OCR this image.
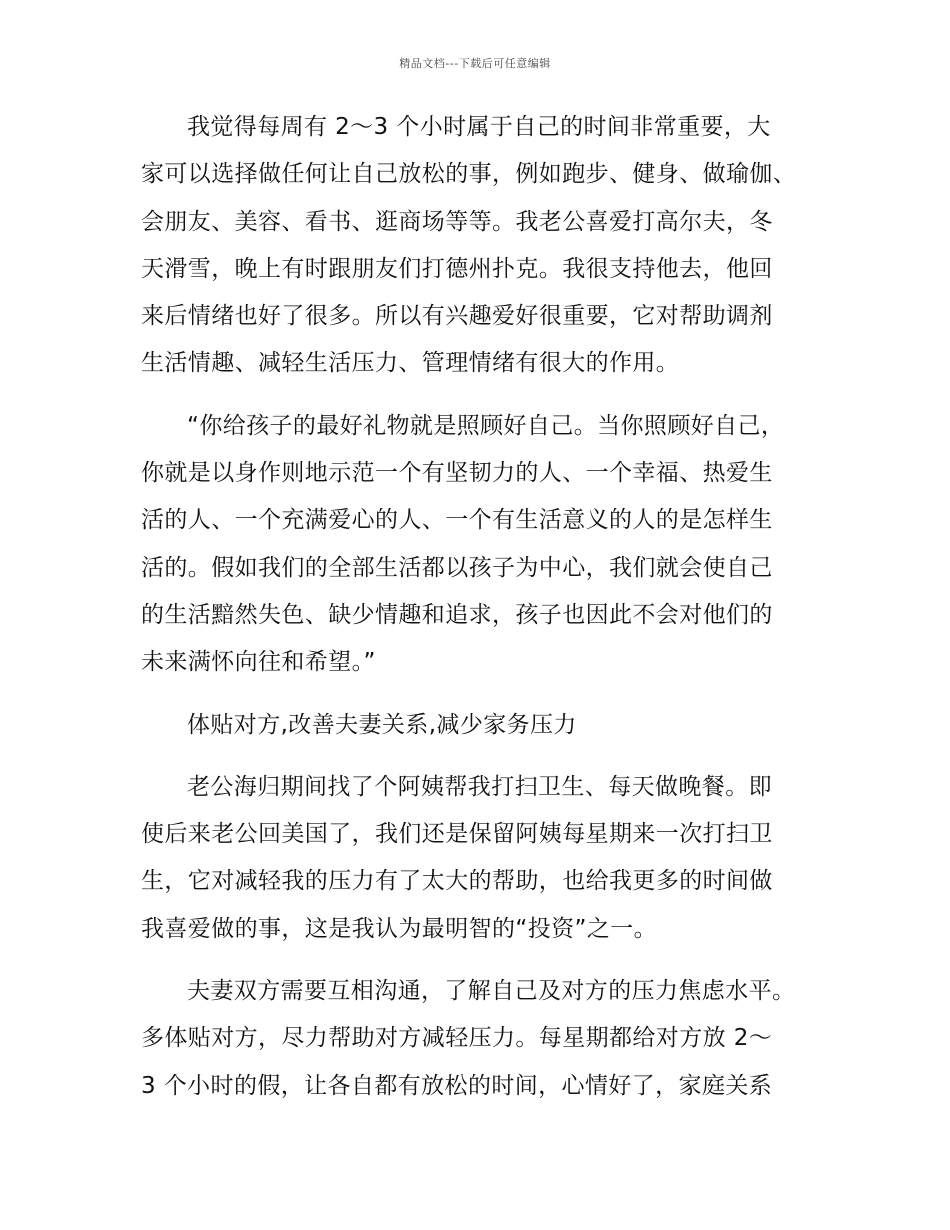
精品文档---下载后可任意编辑

我觉得每周有 2～3 个小时属于自己的时间非常重要，大
家可以选择做任何让自己放松的事，例如跑步、健身、做瑜伽、
会朋友、美容、看书、逛商场等等。我老公喜爱打高尔夫，冬
天滑雪，晚上有时跟朋友们打德州扑克。我很支持他去，他回
来后情绪也好了很多。所以有兴趣爱好很重要，它对帮助调剂
生活情趣、减轻生活压力、管理情绪有很大的作用。

“你给孩子的最好礼物就是照顾好自己。当你照顾好自己，
你就是以身作则地示范一个有坚韧力的人、一个幸福、热爱生
活的人、一个充满爱心的人、一个有生活意义的人的是怎样生
活的。假如我们的全部生活都以孩子为中心，我们就会使自己
的生活黯然失色、缺少情趣和追求，孩子也因此不会对他们的
未来满怀向往和希望。”

体贴对方,改善夫妻关系,减少家务压力

老公海归期间找了个阿姨帮我打扫卫生、每天做晚餐。即
使后来老公回美国了，我们还是保留阿姨每星期来一次打扫卫
生，它对减轻我的压力有了太大的帮助，也给我更多的时间做
我喜爱做的事，这是我认为最明智的“投资”之一。

夫妻双方需要互相沟通，了解自己及对方的压力焦虑水平。
多体贴对方，尽力帮助对方减轻压力。每星期都给对方放 2～
3 个小时的假，让各自都有放松的时间，心情好了，家庭关系
